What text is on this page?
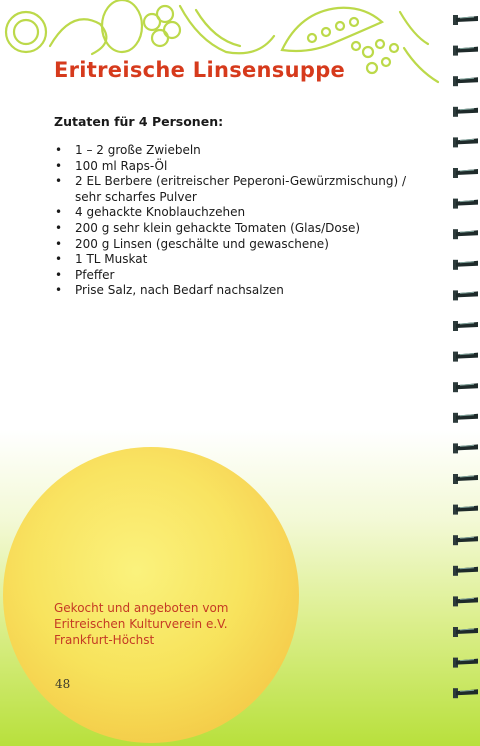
Eritreische Linsensuppe

Zutaten für 4 Personen:

• 1 – 2 große Zwiebeln
• 100 ml Raps-Öl
• 2 EL Berbere (eritreischer Peperoni-Gewürzmischung) / sehr scharfes Pulver
• 4 gehackte Knoblauchzehen
• 200 g sehr klein gehackte Tomaten (Glas/Dose)
• 200 g Linsen (geschälte und gewaschene)
• 1 TL Muskat
• Pfeffer
• Prise Salz, nach Bedarf nachsalzen

Gekocht und angeboten vom
Eritreischen Kulturverein e.V.
Frankfurt-Höchst

48
